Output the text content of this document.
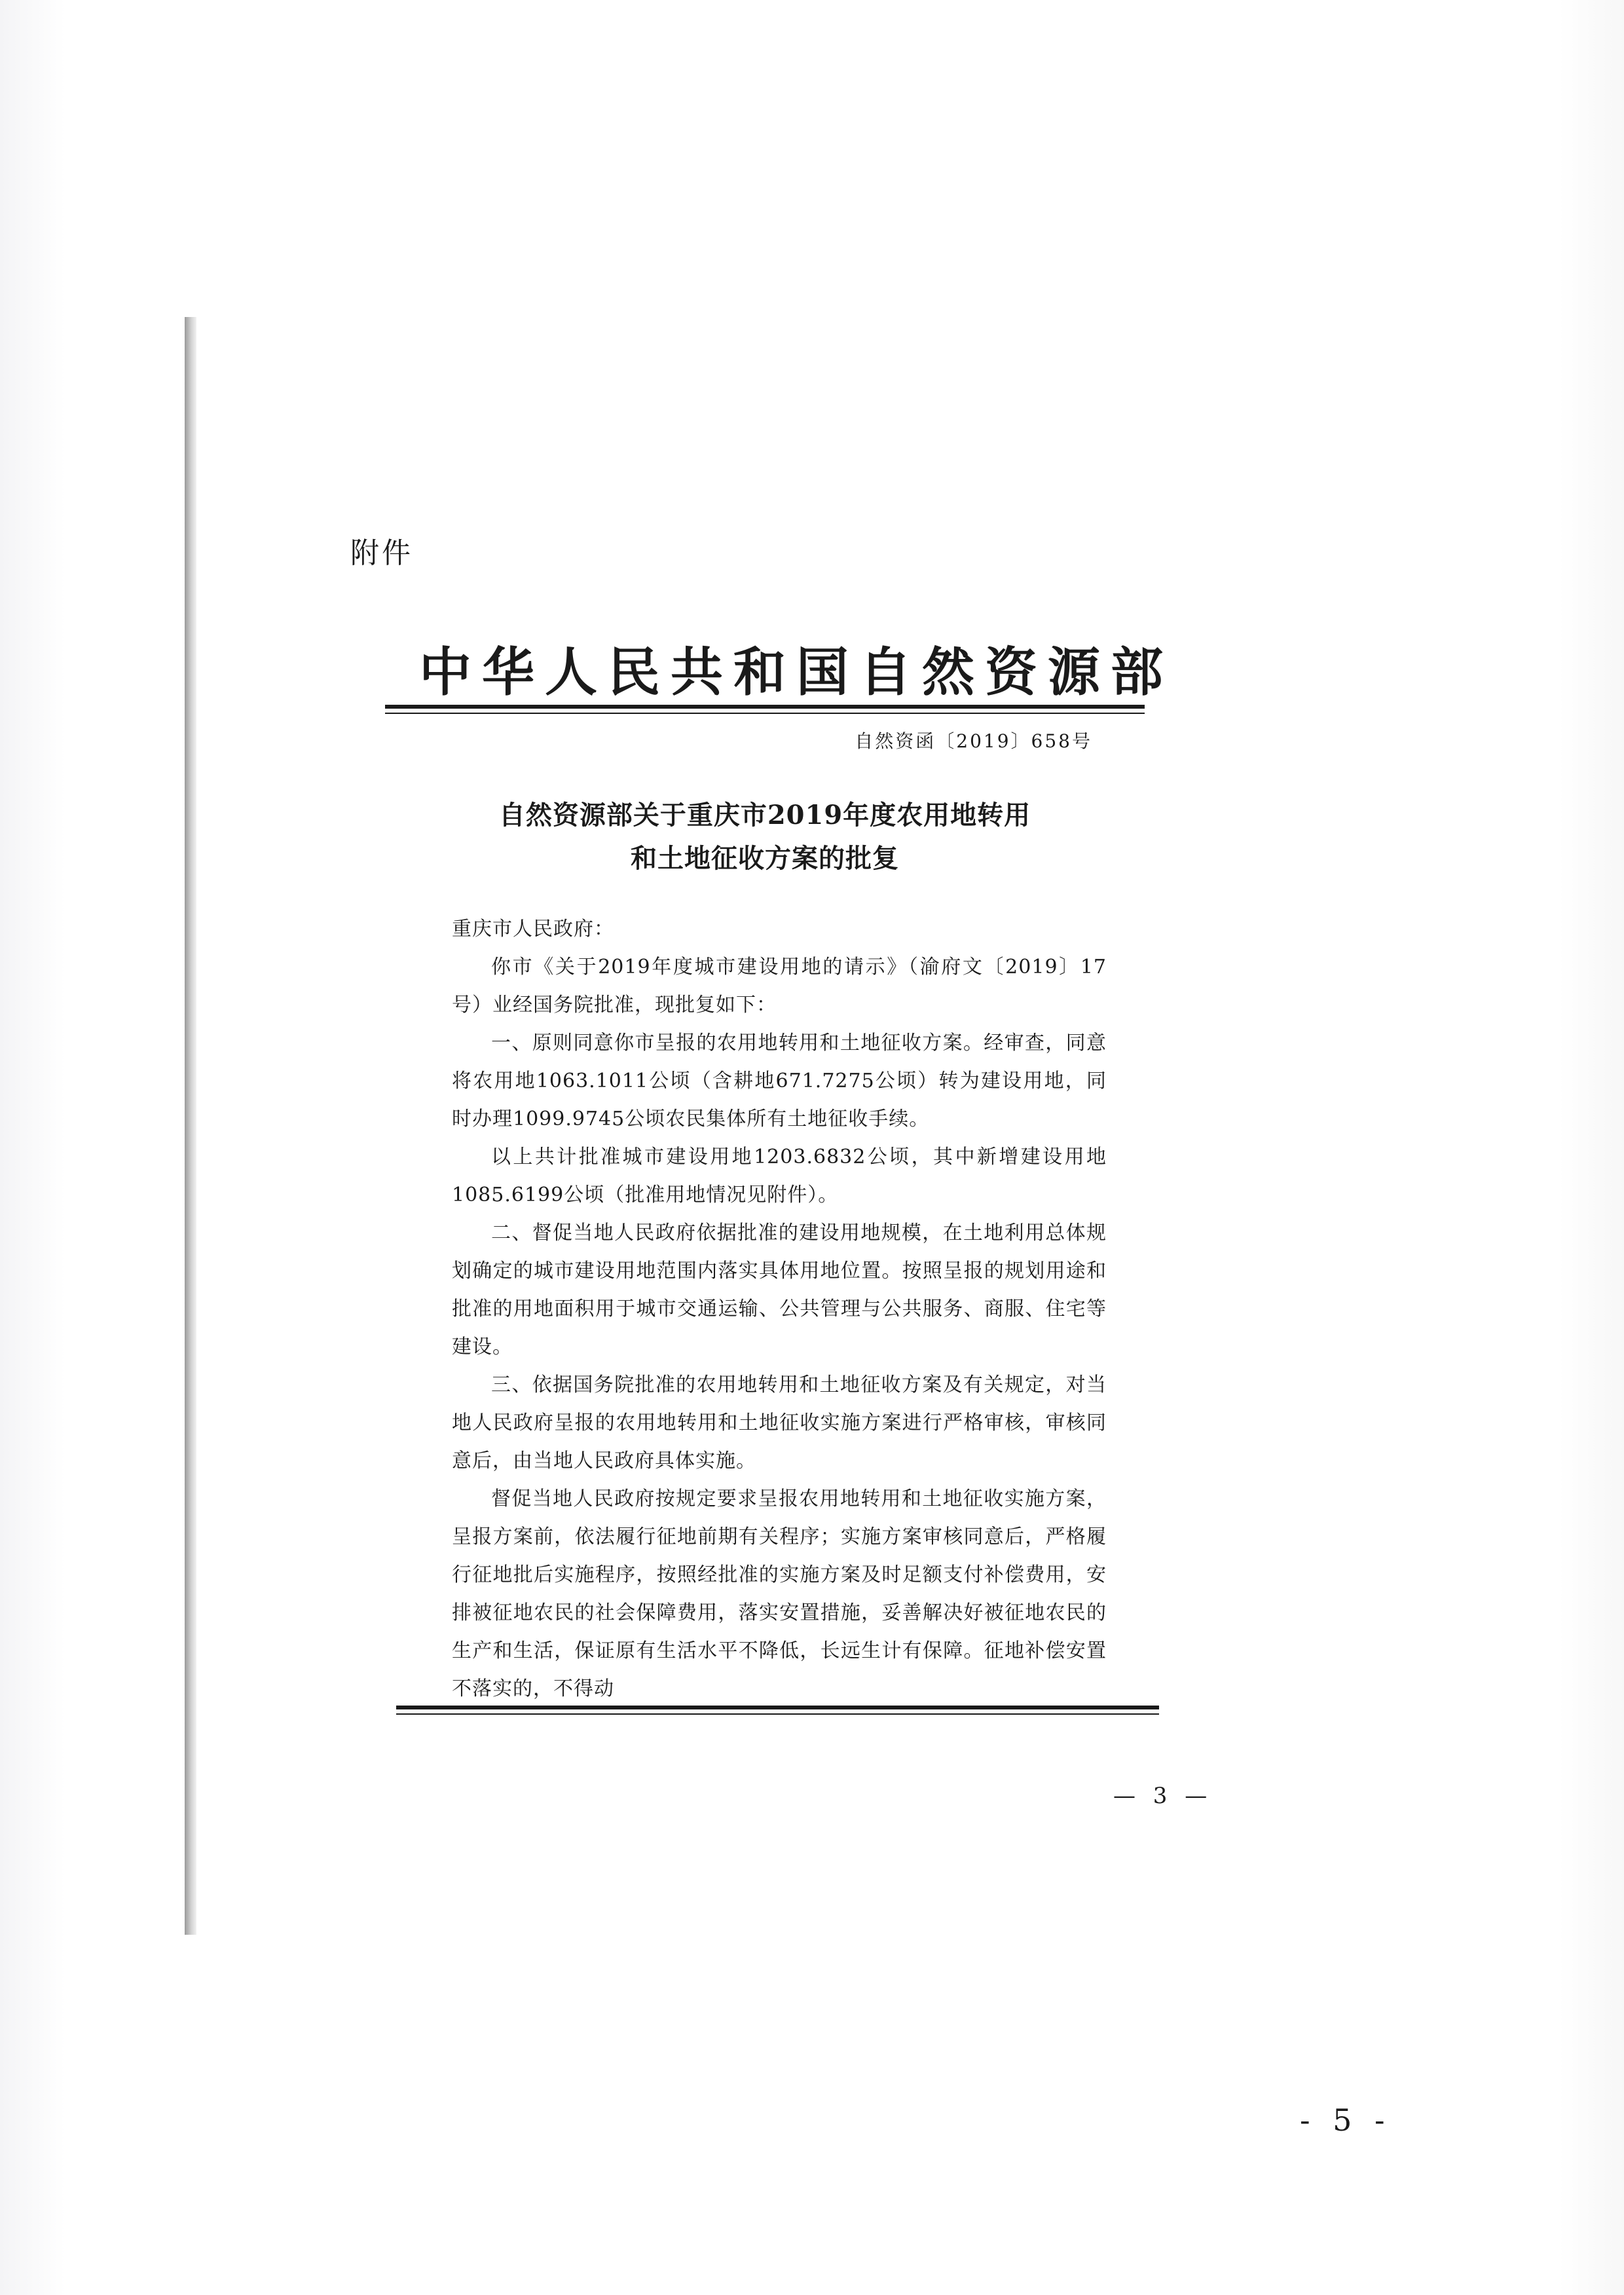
附件
中华人民共和国自然资源部
自然资函〔2019〕658号
自然资源部关于重庆市2019年度农用地转用
和土地征收方案的批复

重庆市人民政府：

你市《关于2019年度城市建设用地的请示》（渝府文〔2019〕17号）业经国务院批准，现批复如下：

一、原则同意你市呈报的农用地转用和土地征收方案。经审查，同意将农用地1063.1011公顷（含耕地671.7275公顷）转为建设用地，同时办理1099.9745公顷农民集体所有土地征收手续。

以上共计批准城市建设用地1203.6832公顷，其中新增建设用地1085.6199公顷（批准用地情况见附件）。

二、督促当地人民政府依据批准的建设用地规模，在土地利用总体规划确定的城市建设用地范围内落实具体用地位置。按照呈报的规划用途和批准的用地面积用于城市交通运输、公共管理与公共服务、商服、住宅等建设。

三、依据国务院批准的农用地转用和土地征收方案及有关规定，对当地人民政府呈报的农用地转用和土地征收实施方案进行严格审核，审核同意后，由当地人民政府具体实施。

督促当地人民政府按规定要求呈报农用地转用和土地征收实施方案，呈报方案前，依法履行征地前期有关程序；实施方案审核同意后，严格履行征地批后实施程序，按照经批准的实施方案及时足额支付补偿费用，安排被征地农民的社会保障费用，落实安置措施，妥善解决好被征地农民的生产和生活，保证原有生活水平不降低，长远生计有保障。征地补偿安置不落实的，不得动

— 3 —
- 5 -
